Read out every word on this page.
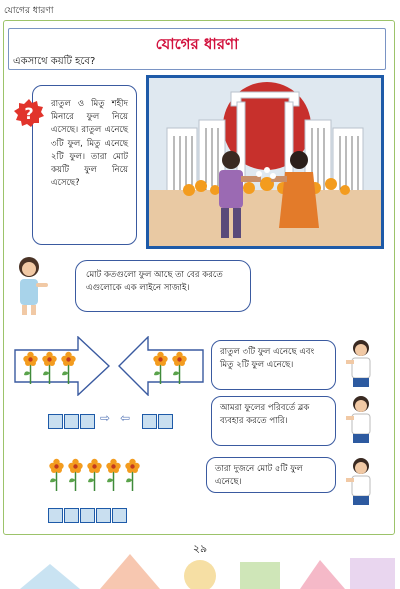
যোগের ধারণা
যোগের ধারণা
একসাথে কয়টি হবে?
রাতুল ও মিতু শহীদ মিনারে ফুল নিয়ে এসেছে। রাতুল এনেছে ৩টি ফুল, মিতু এনেছে ২টি ফুল। তারা মোট কয়টি ফুল নিয়ে এসেছে?
?
মোট কতগুলো ফুল আছে তা বের করতে এগুলোকে এক লাইনে সাজাই।
রাতুল ৩টি ফুল এনেছে এবং মিতু ২টি ফুল এনেছে।
আমরা ফুলের পরিবর্তে ব্লক ব্যবহার করতে পারি।
তারা দুজনে মোট ৫টি ফুল এনেছে।
⇨ ⇦
২৯
